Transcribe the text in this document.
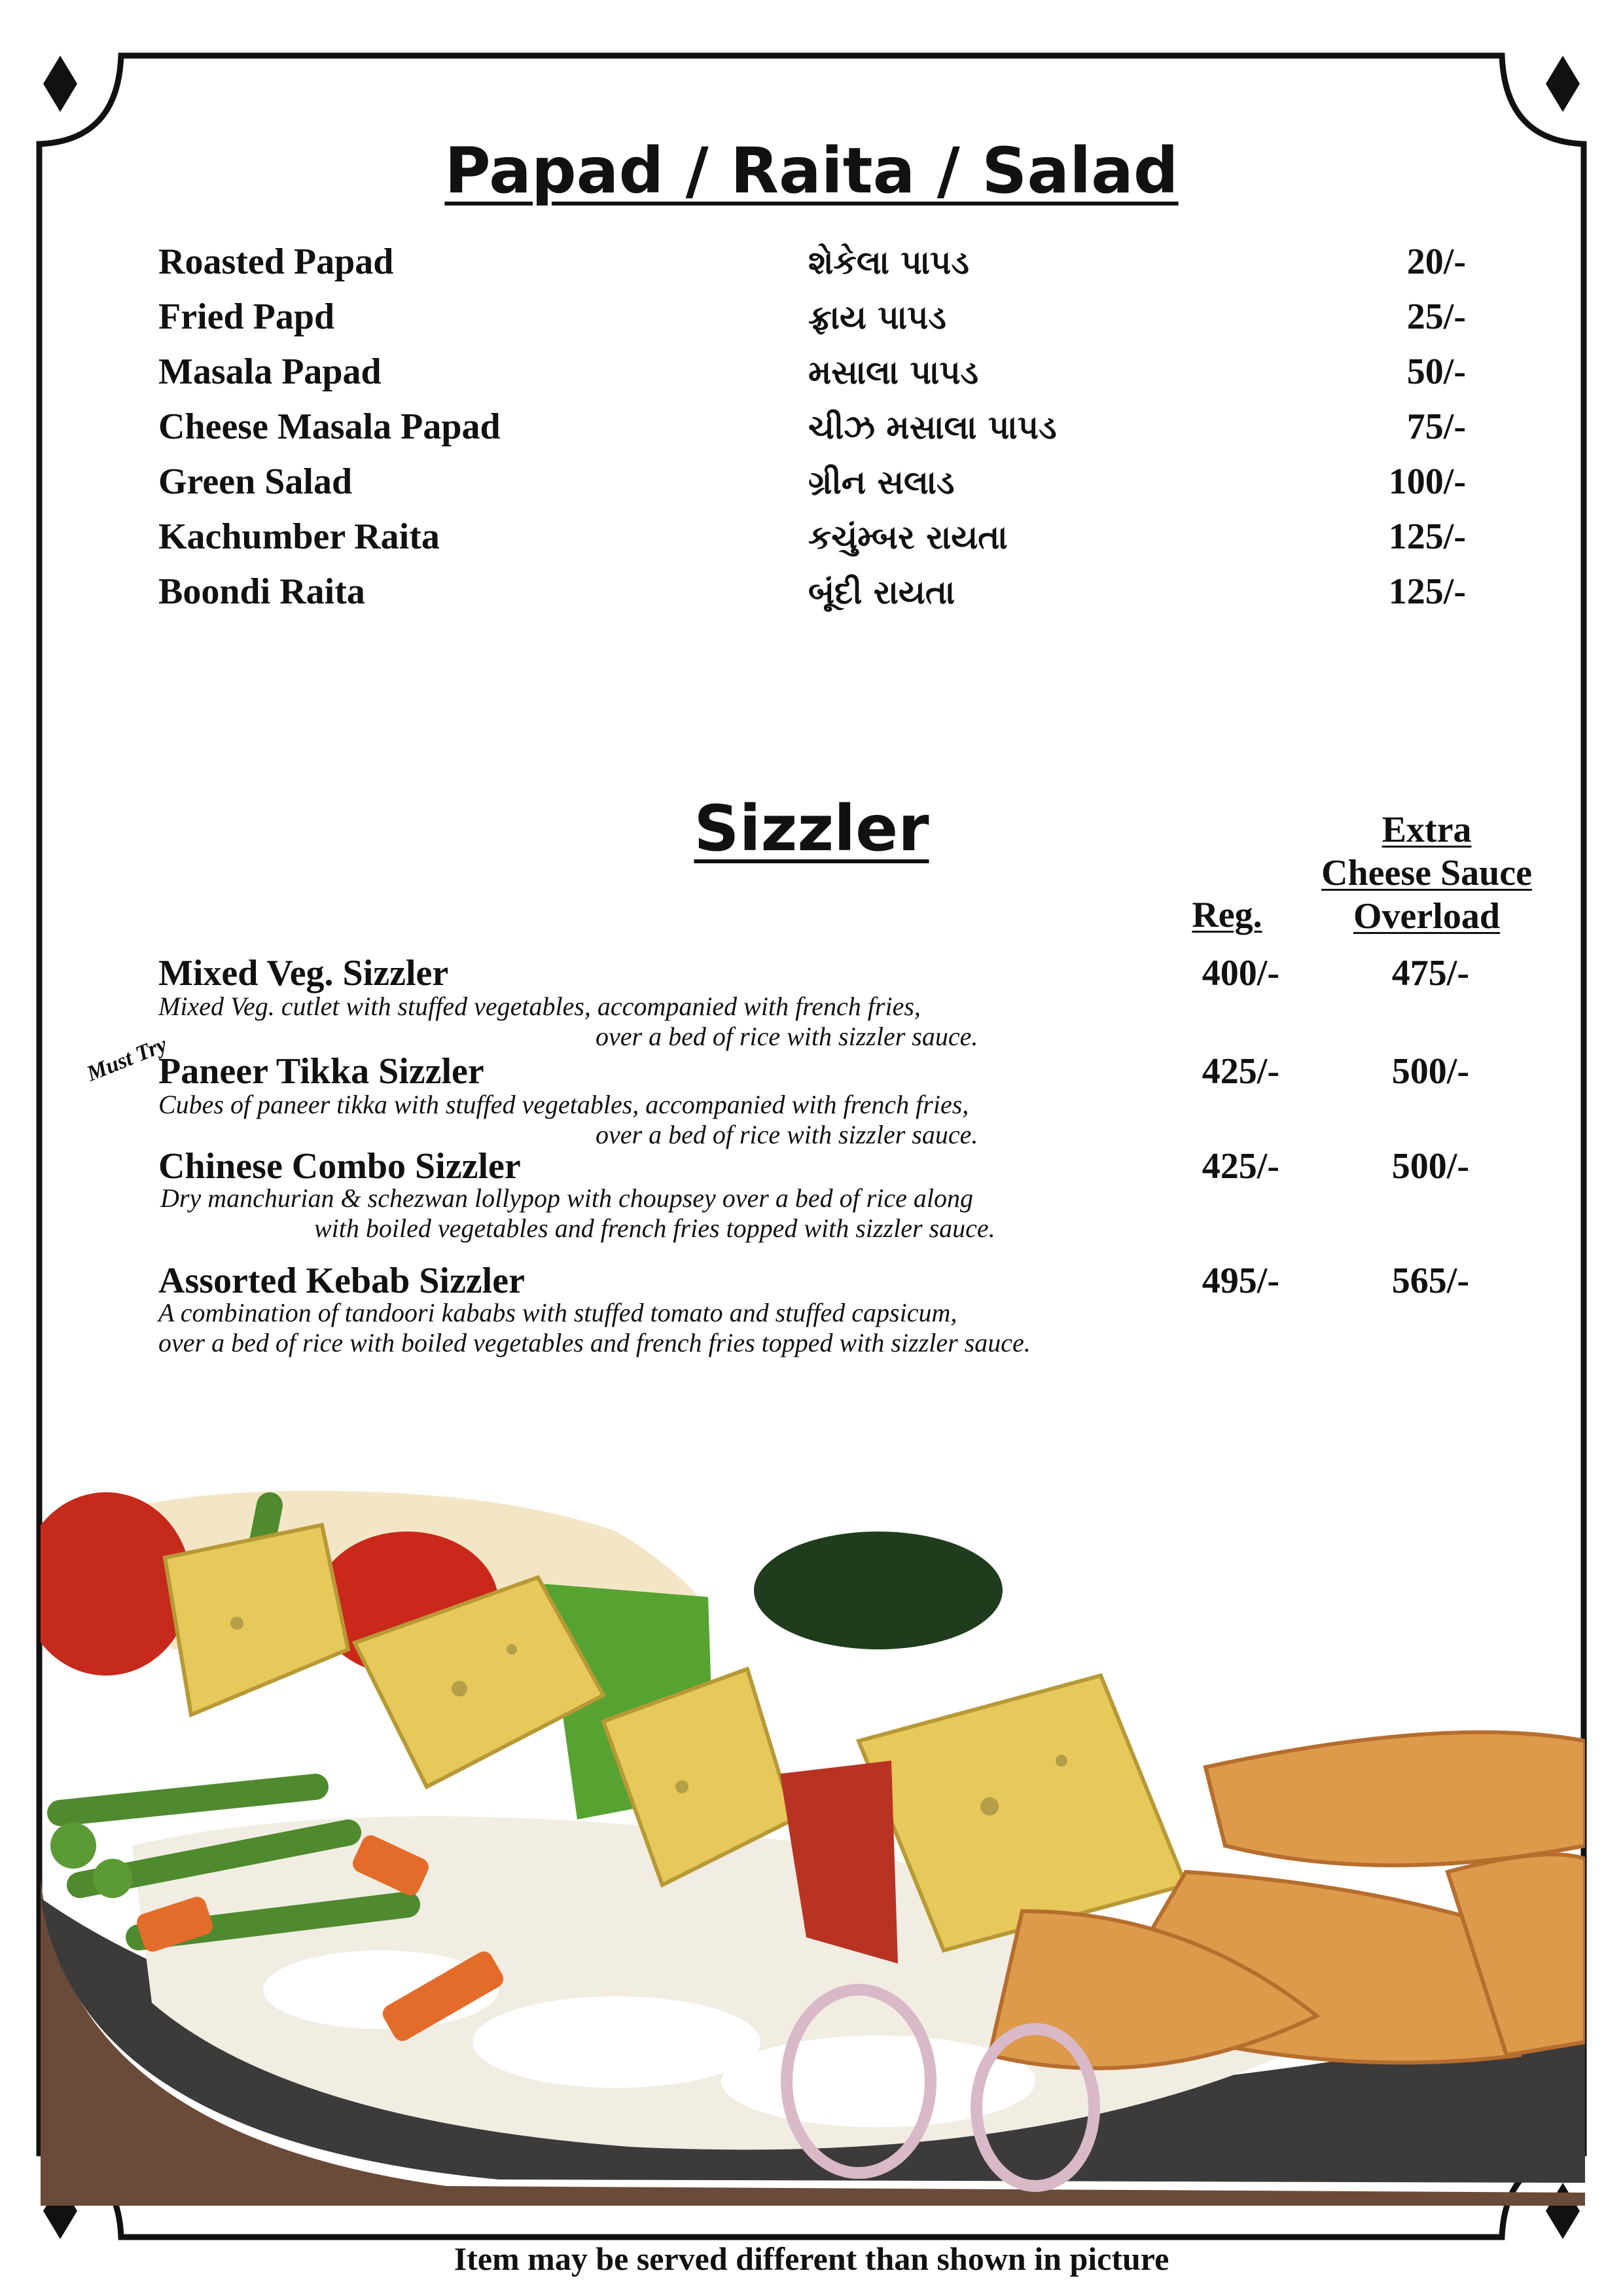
Papad / Raita / Salad
Roasted Papad	શેકેલા પાપડ	20/-
Fried Papd	ફ્રાય પાપડ	25/-
Masala Papad	મસાલા પાપડ	50/-
Cheese Masala Papad	ચીઝ મસાલા પાપડ	75/-
Green Salad	ગ્રીન સલાડ	100/-
Kachumber Raita	કચુંમ્બર રાયતા	125/-
Boondi Raita	બૂંદી રાયતા	125/-
Sizzler
Reg.
Extra
Cheese Sauce
Overload
Must Try
Mixed Veg. Sizzler
Mixed Veg. cutlet with stuffed vegetables, accompanied with french fries,
over a bed of rice with sizzler sauce.
400/-	475/-
Paneer Tikka Sizzler
Cubes of paneer tikka with stuffed vegetables, accompanied with french fries,
over a bed of rice with sizzler sauce.
425/-	500/-
Chinese Combo Sizzler
Dry manchurian & schezwan lollypop with choupsey over a bed of rice along
with boiled vegetables and french fries topped with sizzler sauce.
425/-	500/-
Assorted Kebab Sizzler
A combination of tandoori kababs with stuffed tomato and stuffed capsicum,
over a bed of rice with boiled vegetables and french fries topped with sizzler sauce.
495/-	565/-
Item may be served different than shown in picture
